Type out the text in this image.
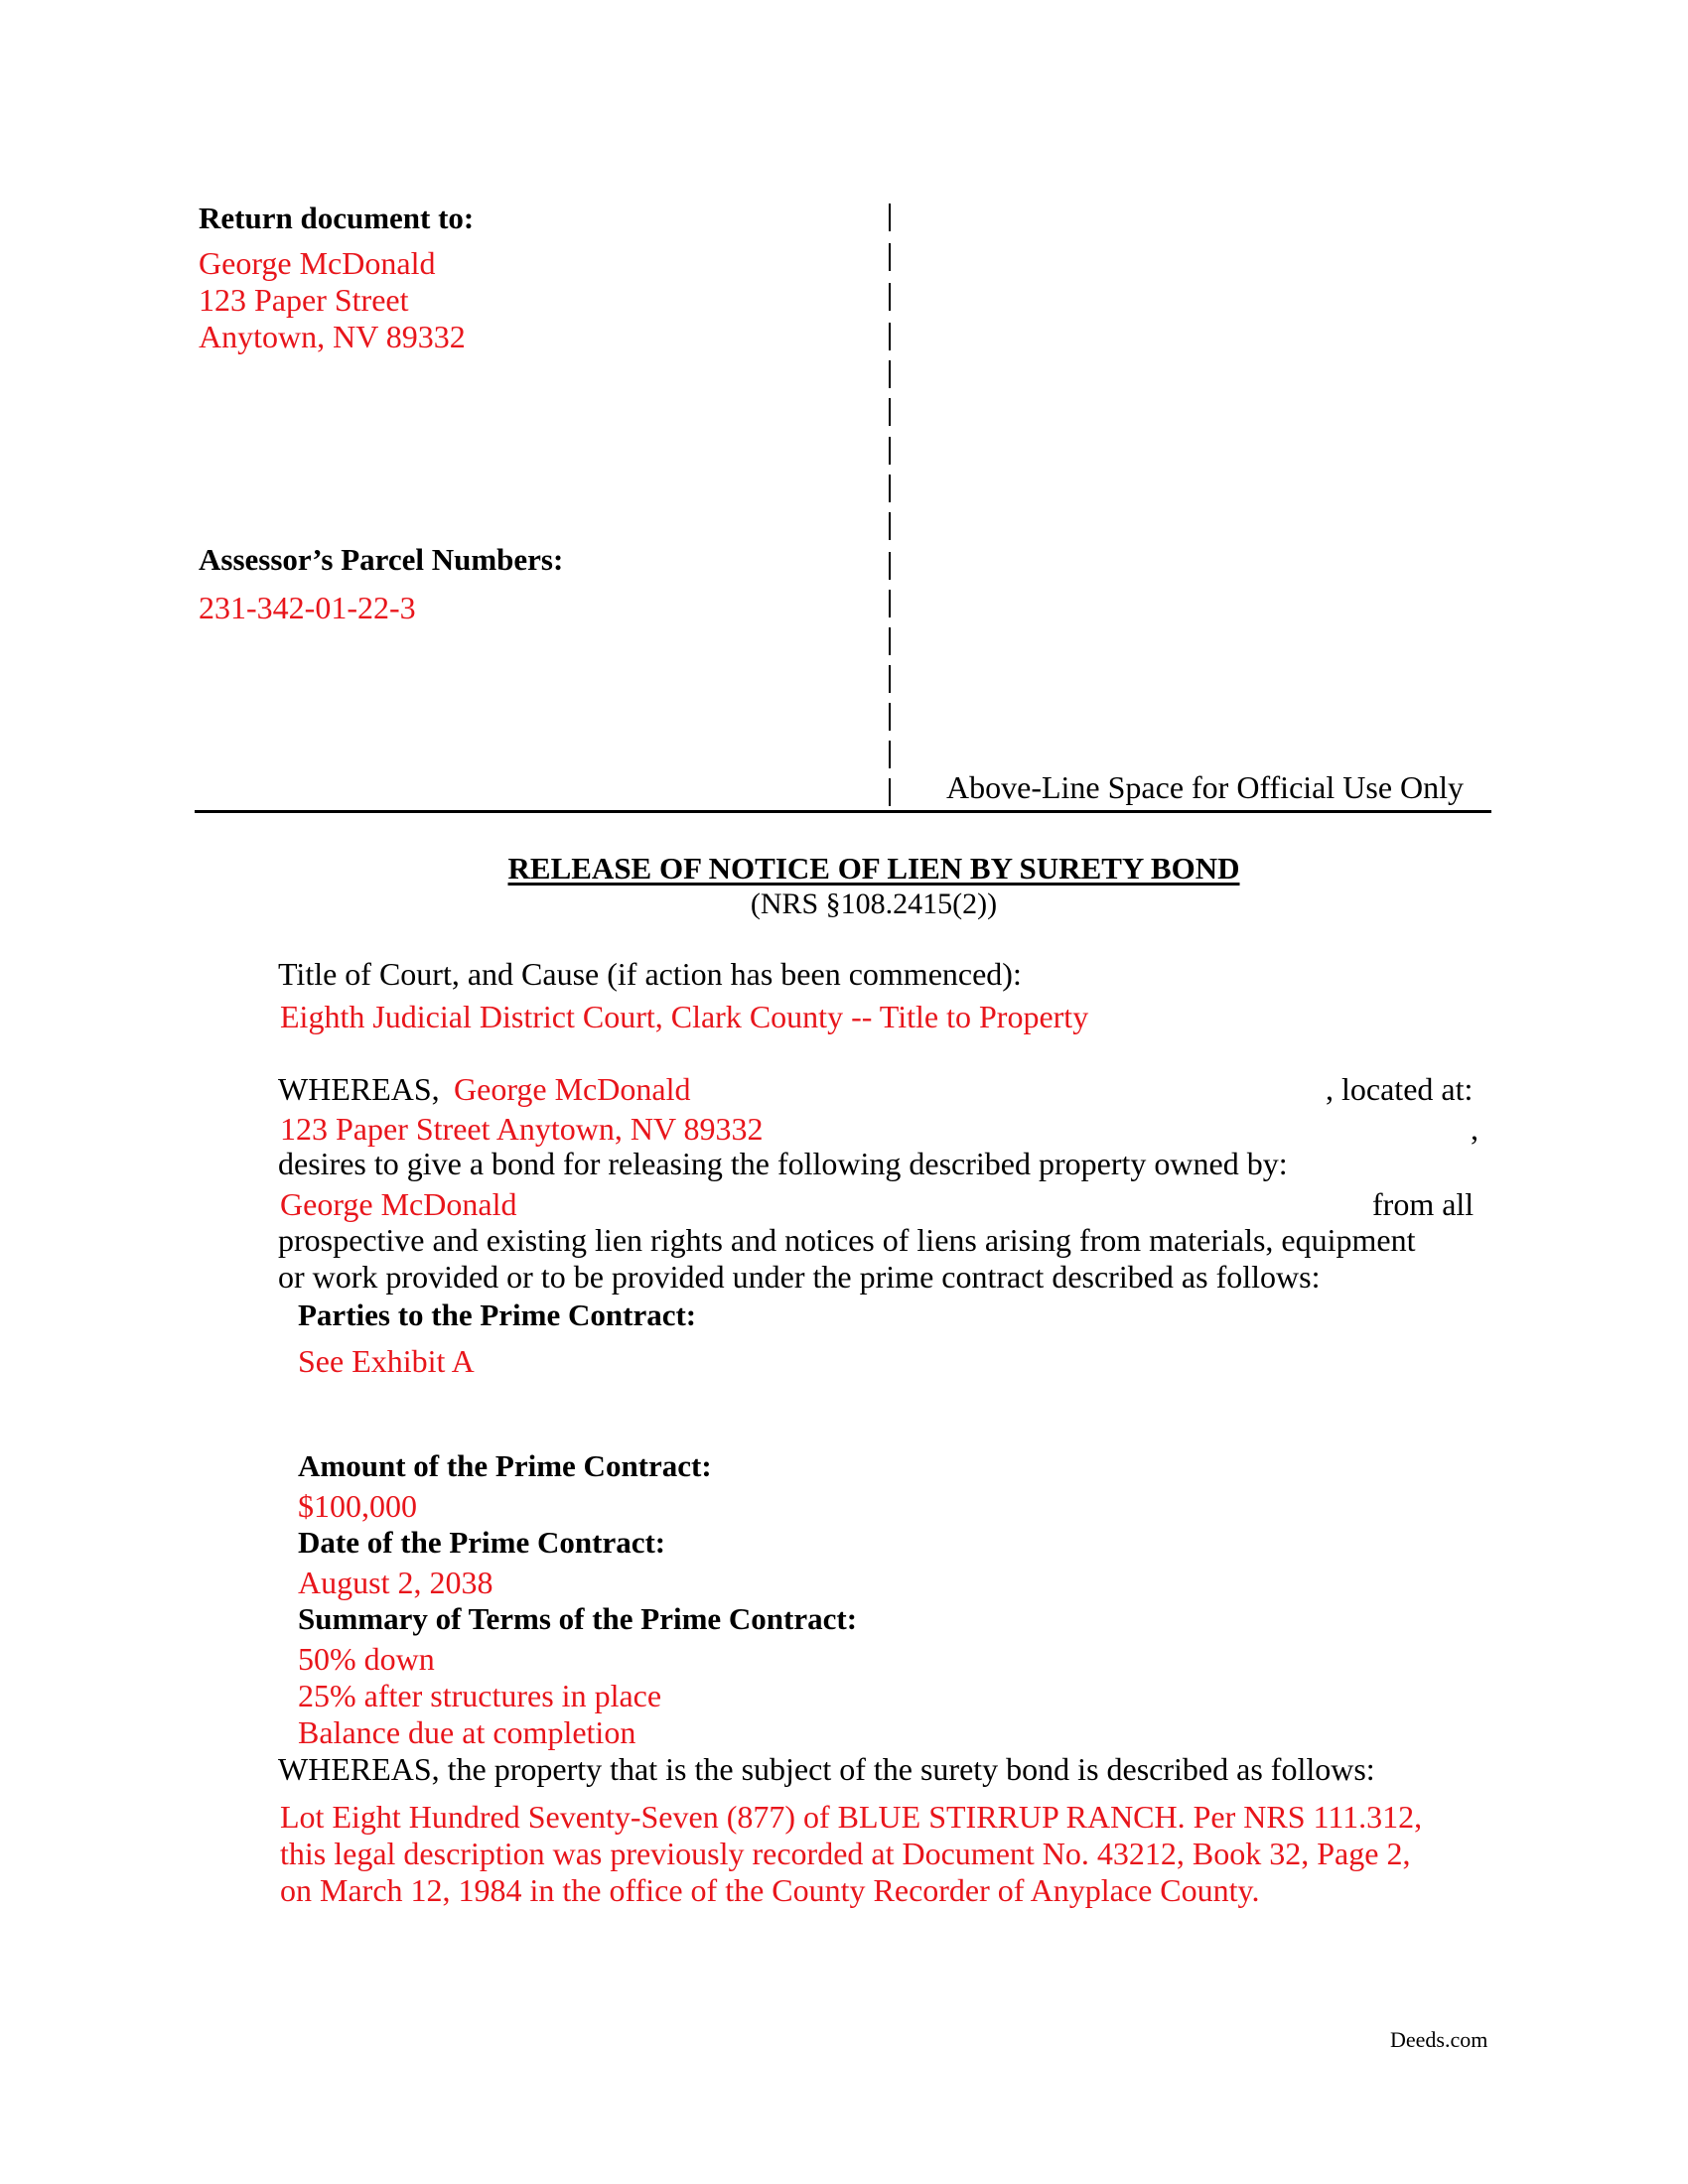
Return document to:
George McDonald
123 Paper Street
Anytown, NV 89332
Assessor’s Parcel Numbers:
231-342-01-22-3
Above-Line Space for Official Use Only
RELEASE OF NOTICE OF LIEN BY SURETY BOND
(NRS §108.2415(2))
Title of Court, and Cause (if action has been commenced):
Eighth Judicial District Court, Clark County -- Title to Property
WHEREAS, George McDonald	, located at:
123 Paper Street Anytown, NV 89332	,
desires to give a bond for releasing the following described property owned by:
George McDonald	from all
prospective and existing lien rights and notices of liens arising from materials, equipment
or work provided or to be provided under the prime contract described as follows:
Parties to the Prime Contract:
See Exhibit A
Amount of the Prime Contract:
$100,000
Date of the Prime Contract:
August 2, 2038
Summary of Terms of the Prime Contract:
50% down
25% after structures in place
Balance due at completion
WHEREAS, the property that is the subject of the surety bond is described as follows:
Lot Eight Hundred Seventy-Seven (877) of BLUE STIRRUP RANCH. Per NRS 111.312,
this legal description was previously recorded at Document No. 43212, Book 32, Page 2,
on March 12, 1984 in the office of the County Recorder of Anyplace County.
Deeds.com
